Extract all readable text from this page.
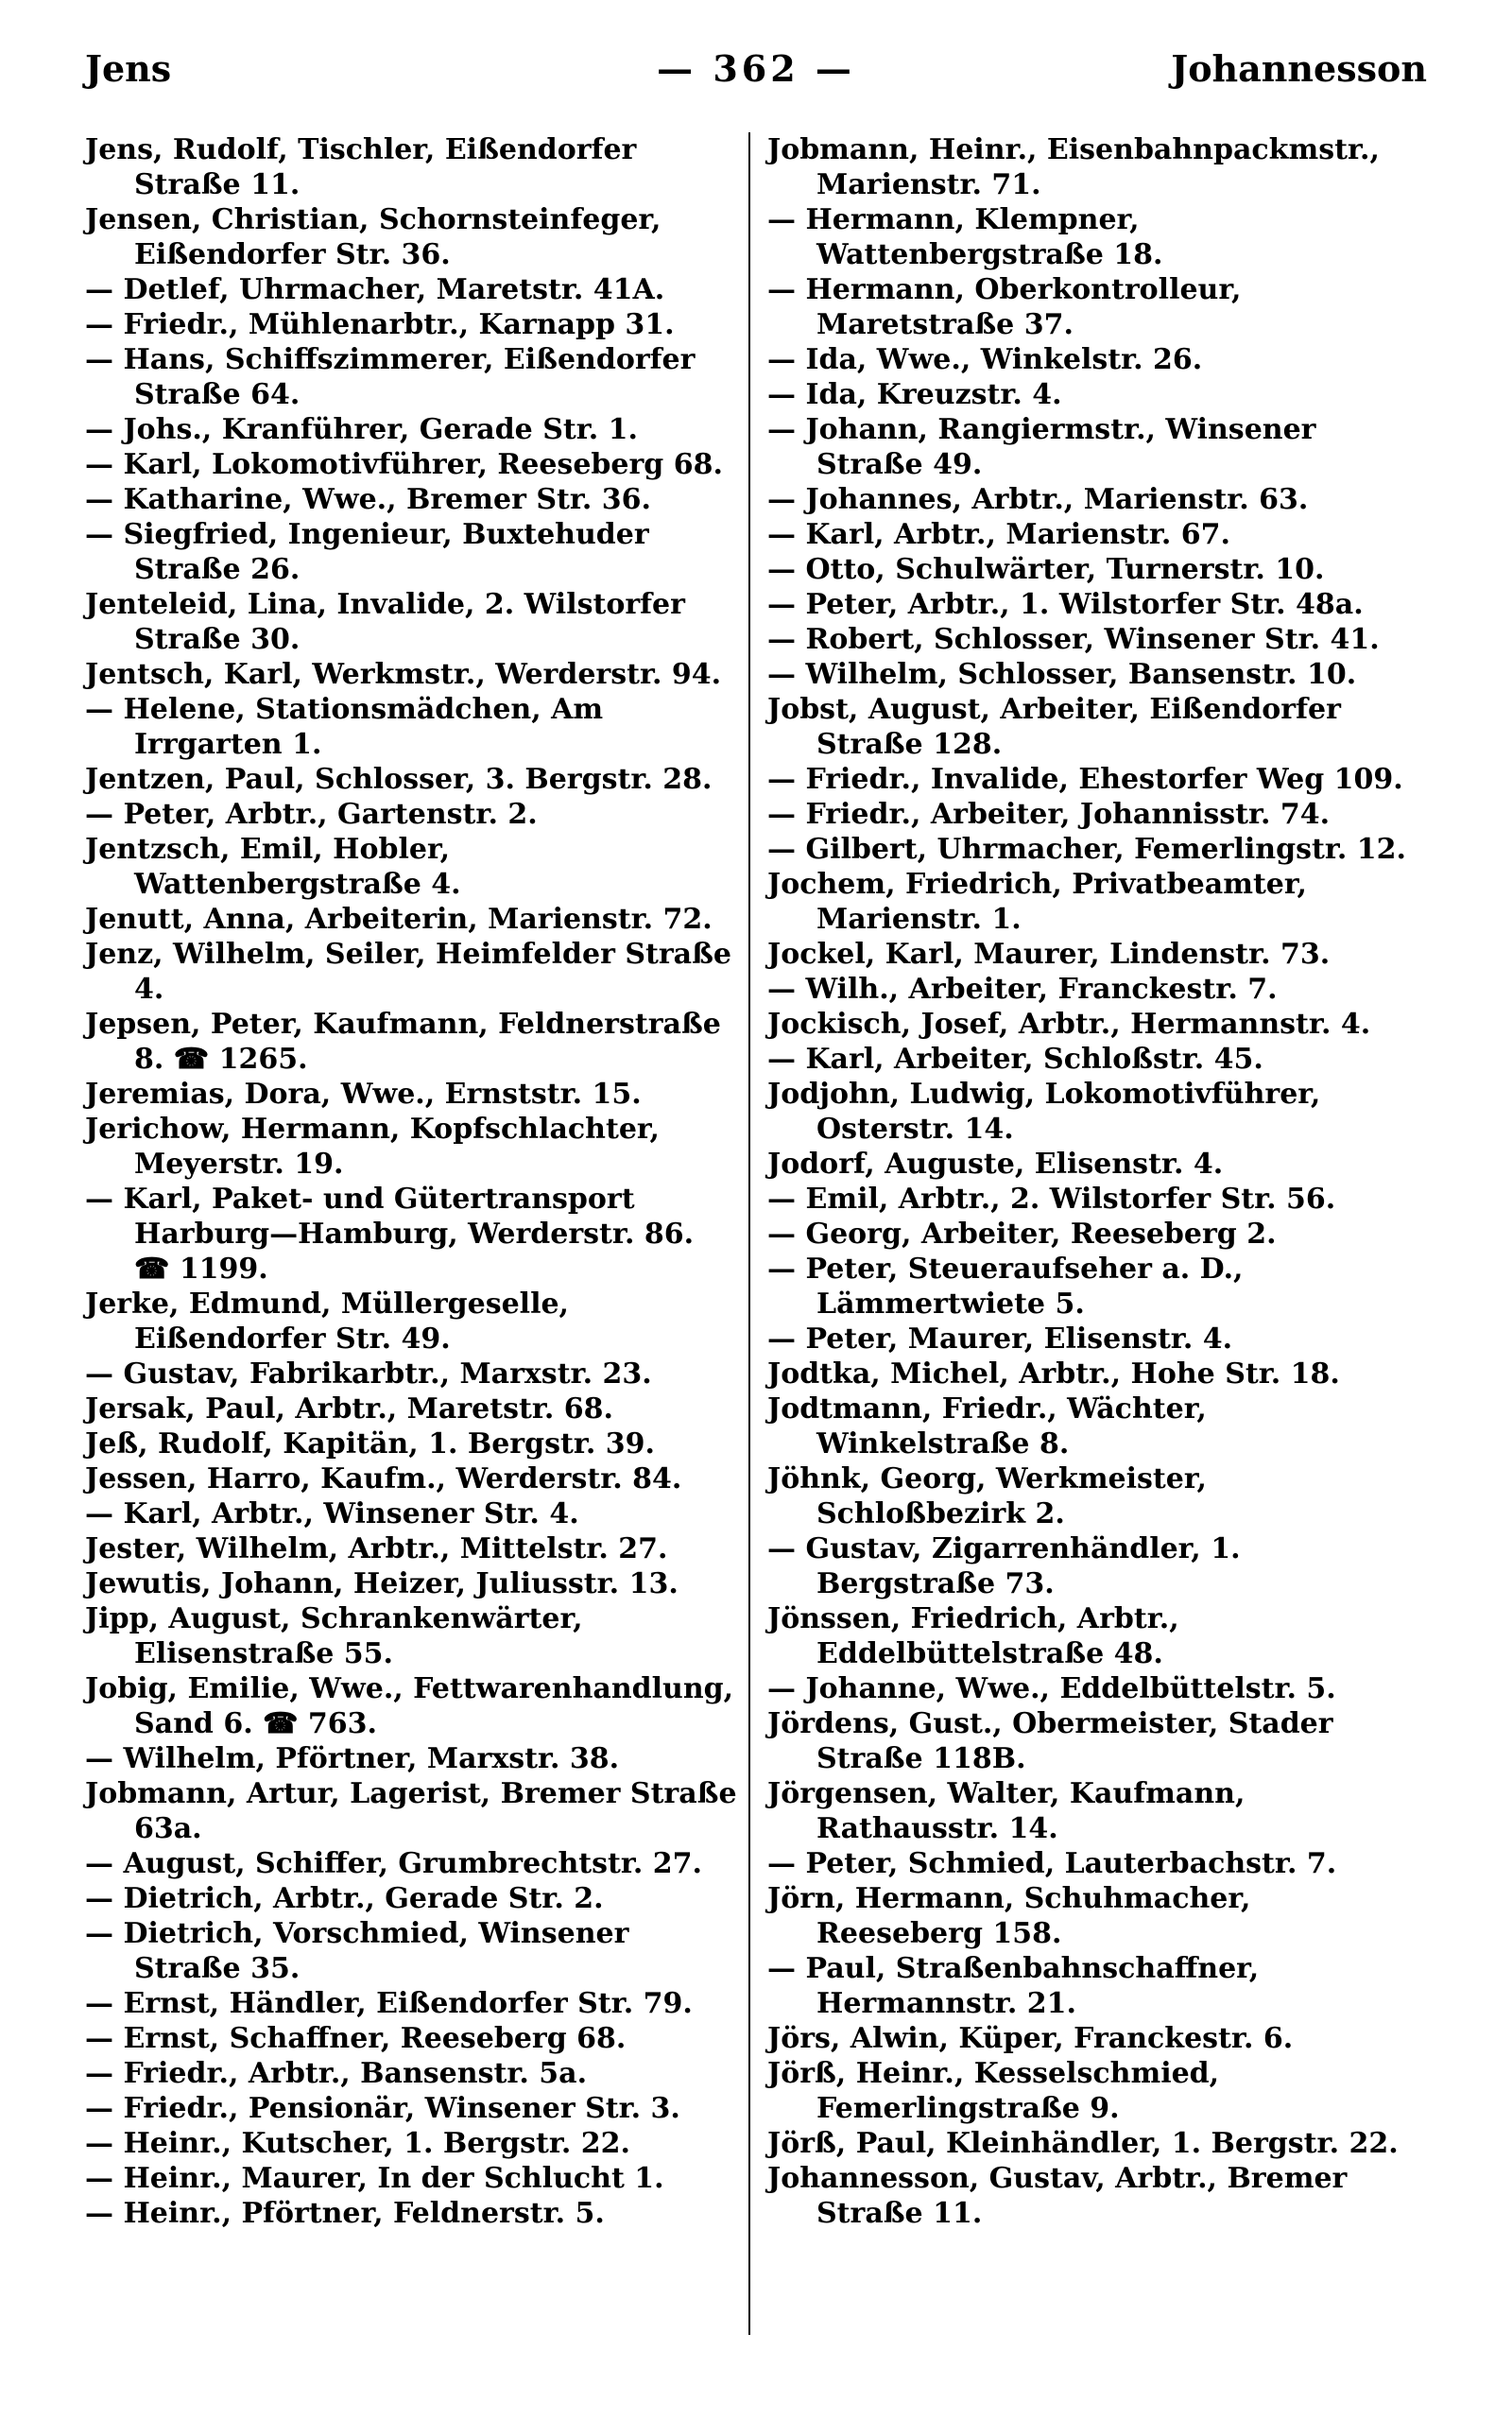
Jens	— 362 —	Johannesson

Jens, Rudolf, Tischler, Eißendorfer Straße 11.

Jensen, Christian, Schornsteinfeger, Eißendorfer Str. 36.

— Detlef, Uhrmacher, Maretstr. 41A.

— Friedr., Mühlenarbtr., Karnapp 31.

— Hans, Schiffszimmerer, Eißendorfer Straße 64.

— Johs., Kranführer, Gerade Str. 1.

— Karl, Lokomotivführer, Reeseberg 68.

— Katharine, Wwe., Bremer Str. 36.

— Siegfried, Ingenieur, Buxtehuder Straße 26.

Jenteleid, Lina, Invalide, 2. Wilstorfer Straße 30.

Jentsch, Karl, Werkmstr., Werderstr. 94.

— Helene, Stationsmädchen, Am Irrgarten 1.

Jentzen, Paul, Schlosser, 3. Bergstr. 28.

— Peter, Arbtr., Gartenstr. 2.

Jentzsch, Emil, Hobler, Wattenbergstraße 4.

Jenutt, Anna, Arbeiterin, Marienstr. 72.

Jenz, Wilhelm, Seiler, Heimfelder Straße 4.

Jepsen, Peter, Kaufmann, Feldnerstraße 8. ☎ 1265.

Jeremias, Dora, Wwe., Ernststr. 15.

Jerichow, Hermann, Kopfschlachter, Meyerstr. 19.

— Karl, Paket- und Gütertransport Harburg—Hamburg, Werderstr. 86. ☎ 1199.

Jerke, Edmund, Müllergeselle, Eißendorfer Str. 49.

— Gustav, Fabrikarbtr., Marxstr. 23.

Jersak, Paul, Arbtr., Maretstr. 68.

Jeß, Rudolf, Kapitän, 1. Bergstr. 39.

Jessen, Harro, Kaufm., Werderstr. 84.

— Karl, Arbtr., Winsener Str. 4.

Jester, Wilhelm, Arbtr., Mittelstr. 27.

Jewutis, Johann, Heizer, Juliusstr. 13.

Jipp, August, Schrankenwärter, Elisenstraße 55.

Jobig, Emilie, Wwe., Fettwarenhandlung, Sand 6. ☎ 763.

— Wilhelm, Pförtner, Marxstr. 38.

Jobmann, Artur, Lagerist, Bremer Straße 63a.

— August, Schiffer, Grumbrechtstr. 27.

— Dietrich, Arbtr., Gerade Str. 2.

— Dietrich, Vorschmied, Winsener Straße 35.

— Ernst, Händler, Eißendorfer Str. 79.

— Ernst, Schaffner, Reeseberg 68.

— Friedr., Arbtr., Bansenstr. 5a.

— Friedr., Pensionär, Winsener Str. 3.

— Heinr., Kutscher, 1. Bergstr. 22.

— Heinr., Maurer, In der Schlucht 1.

— Heinr., Pförtner, Feldnerstr. 5.

Jobmann, Heinr., Eisenbahnpackmstr., Marienstr. 71.

— Hermann, Klempner, Wattenbergstraße 18.

— Hermann, Oberkontrolleur, Maretstraße 37.

— Ida, Wwe., Winkelstr. 26.

— Ida, Kreuzstr. 4.

— Johann, Rangiermstr., Winsener Straße 49.

— Johannes, Arbtr., Marienstr. 63.

— Karl, Arbtr., Marienstr. 67.

— Otto, Schulwärter, Turnerstr. 10.

— Peter, Arbtr., 1. Wilstorfer Str. 48a.

— Robert, Schlosser, Winsener Str. 41.

— Wilhelm, Schlosser, Bansenstr. 10.

Jobst, August, Arbeiter, Eißendorfer Straße 128.

— Friedr., Invalide, Ehestorfer Weg 109.

— Friedr., Arbeiter, Johannisstr. 74.

— Gilbert, Uhrmacher, Femerlingstr. 12.

Jochem, Friedrich, Privatbeamter, Marienstr. 1.

Jockel, Karl, Maurer, Lindenstr. 73.

— Wilh., Arbeiter, Franckestr. 7.

Jockisch, Josef, Arbtr., Hermannstr. 4.

— Karl, Arbeiter, Schloßstr. 45.

Jodjohn, Ludwig, Lokomotivführer, Osterstr. 14.

Jodorf, Auguste, Elisenstr. 4.

— Emil, Arbtr., 2. Wilstorfer Str. 56.

— Georg, Arbeiter, Reeseberg 2.

— Peter, Steueraufseher a. D., Lämmertwiete 5.

— Peter, Maurer, Elisenstr. 4.

Jodtka, Michel, Arbtr., Hohe Str. 18.

Jodtmann, Friedr., Wächter, Winkelstraße 8.

Jöhnk, Georg, Werkmeister, Schloßbezirk 2.

— Gustav, Zigarrenhändler, 1. Bergstraße 73.

Jönssen, Friedrich, Arbtr., Eddelbüttelstraße 48.

— Johanne, Wwe., Eddelbüttelstr. 5.

Jördens, Gust., Obermeister, Stader Straße 118B.

Jörgensen, Walter, Kaufmann, Rathausstr. 14.

— Peter, Schmied, Lauterbachstr. 7.

Jörn, Hermann, Schuhmacher, Reeseberg 158.

— Paul, Straßenbahnschaffner, Hermannstr. 21.

Jörs, Alwin, Küper, Franckestr. 6.

Jörß, Heinr., Kesselschmied, Femerlingstraße 9.

Jörß, Paul, Kleinhändler, 1. Bergstr. 22.

Johannesson, Gustav, Arbtr., Bremer Straße 11.
